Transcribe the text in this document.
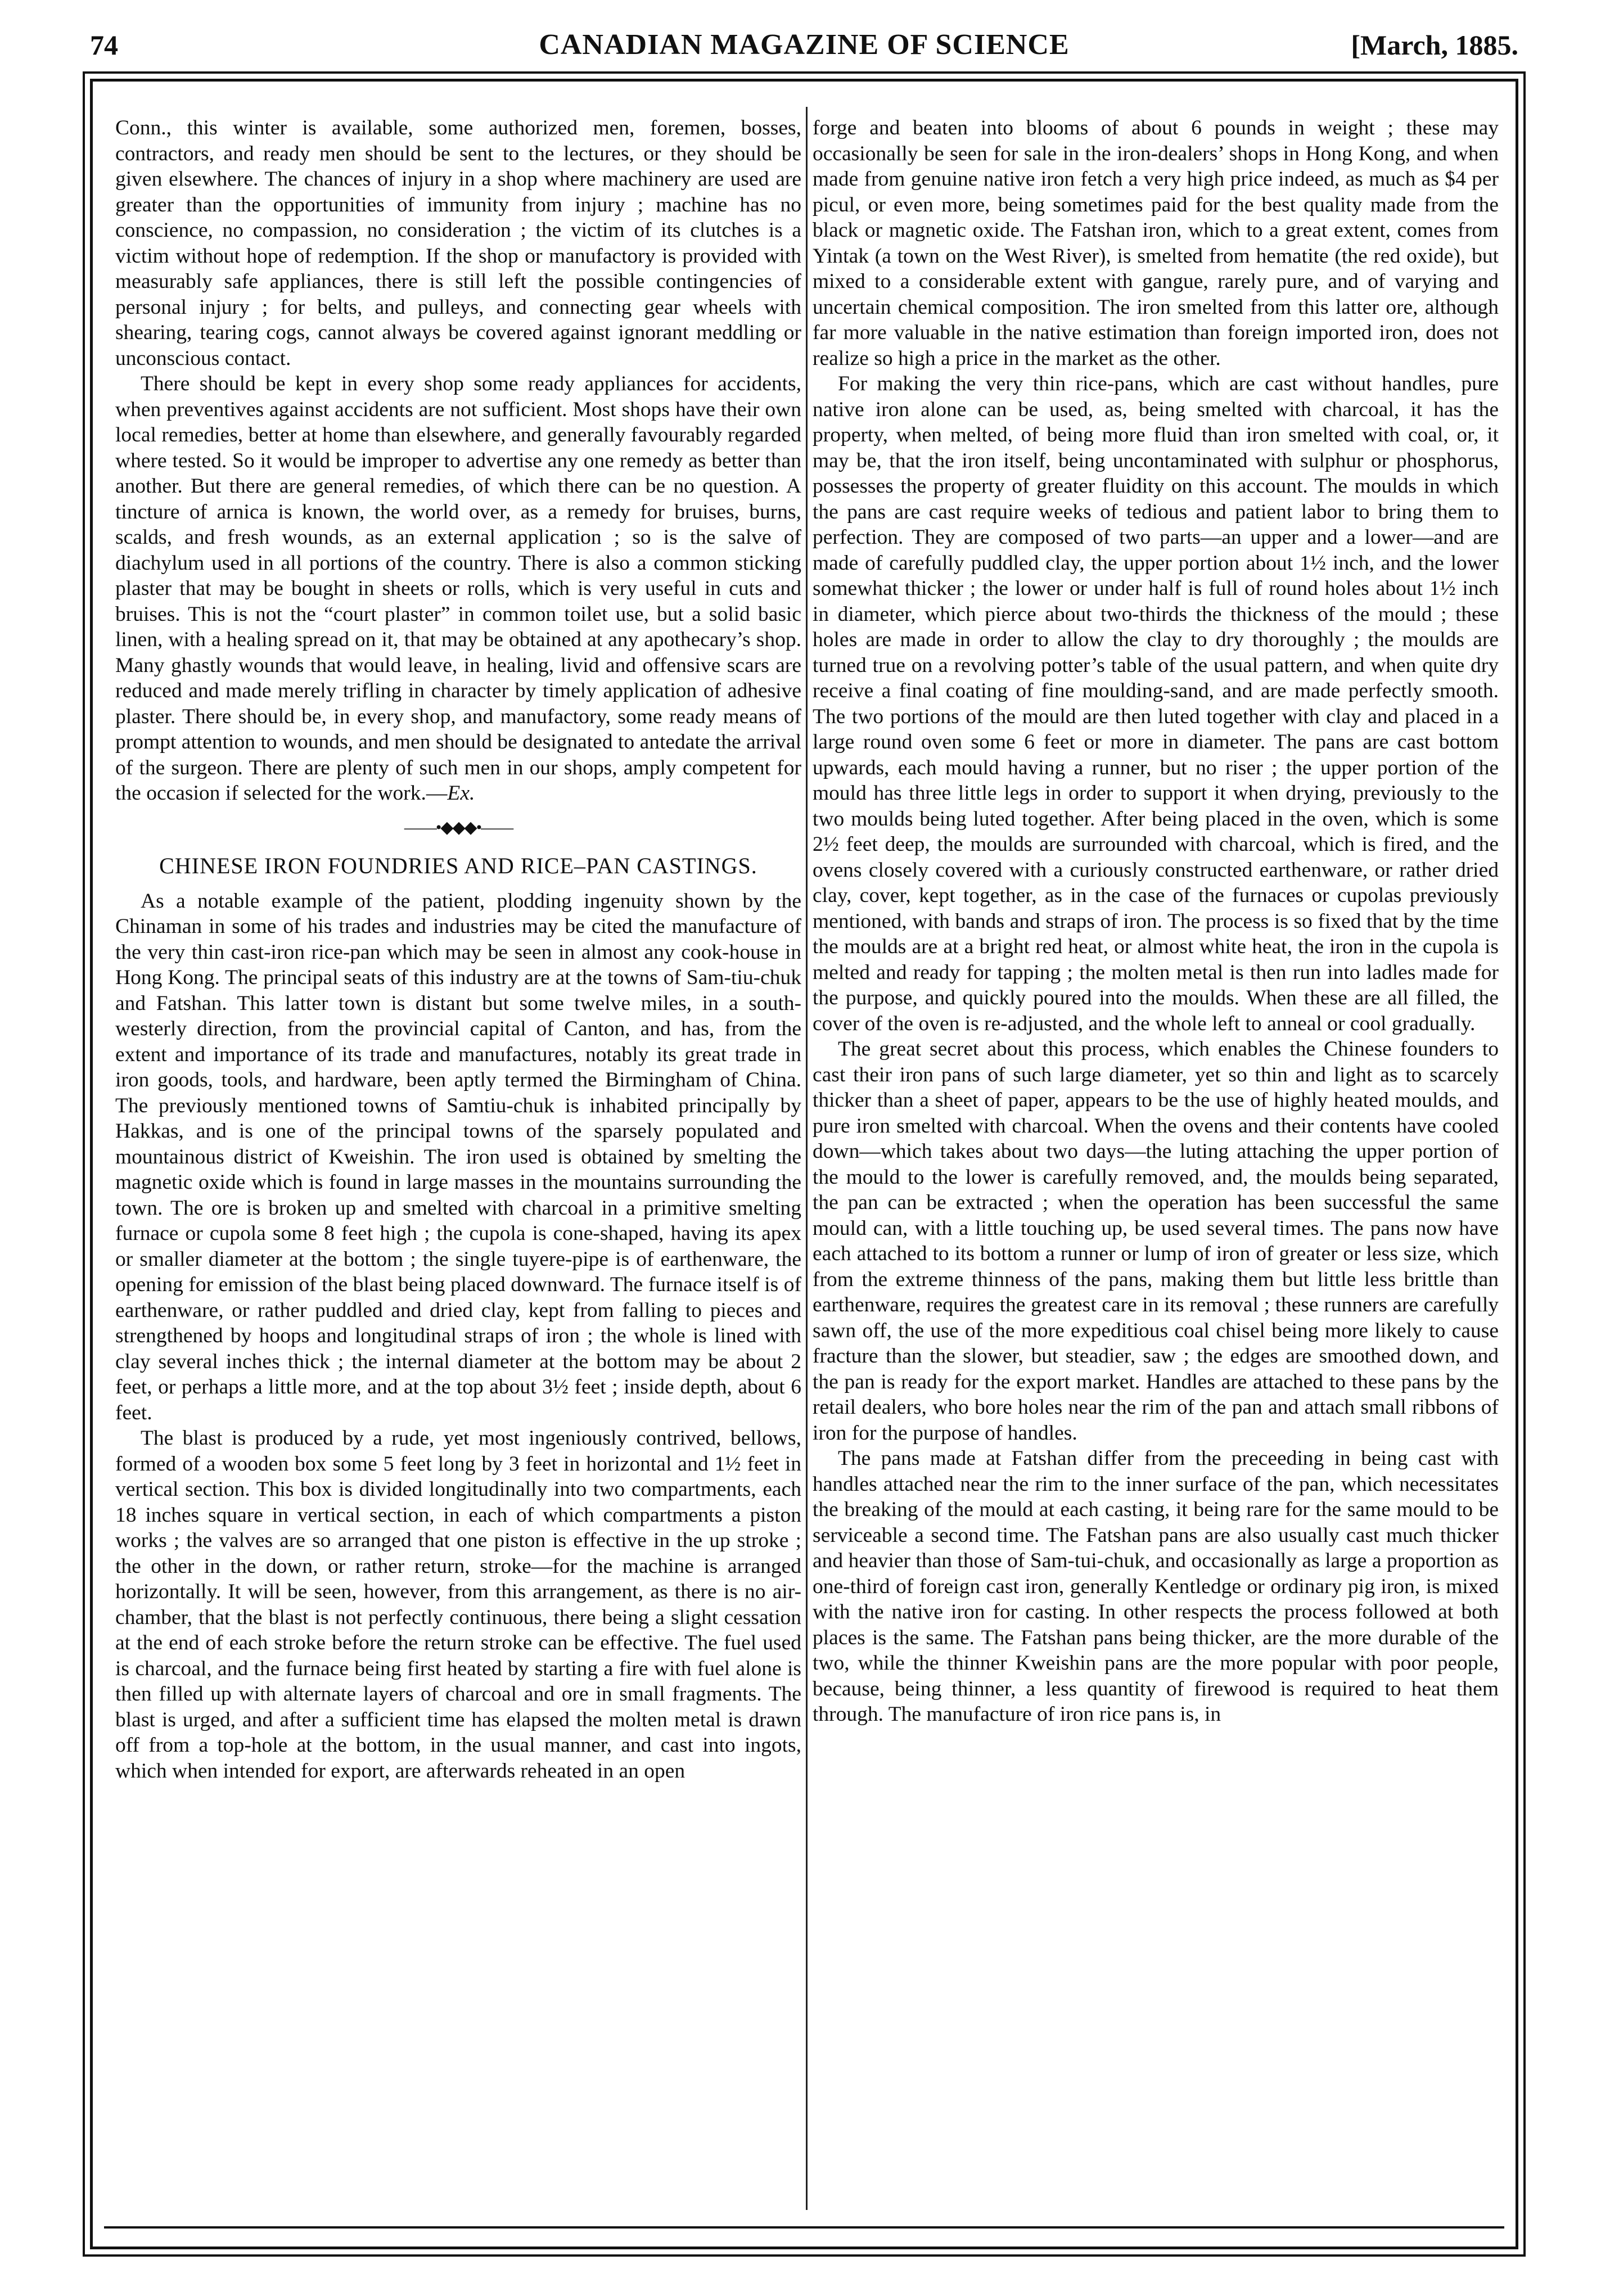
74	CANADIAN MAGAZINE OF SCIENCE	[March, 1885.

Conn., this winter is available, some authorized men, foremen, bosses, contractors, and ready men should be sent to the lectures, or they should be given elsewhere. The chances of injury in a shop where machinery are used are greater than the opportunities of immunity from injury ; machine has no conscience, no compassion, no consideration ; the victim of its clutches is a victim without hope of redemption. If the shop or manufactory is provided with measurably safe appliances, there is still left the possible contingencies of personal injury ; for belts, and pulleys, and connecting gear wheels with shearing, tearing cogs, cannot always be covered against ignorant meddling or unconscious contact.

There should be kept in every shop some ready appliances for accidents, when preventives against accidents are not sufficient. Most shops have their own local remedies, better at home than elsewhere, and generally favourably regarded where tested. So it would be improper to advertise any one remedy as better than another. But there are general remedies, of which there can be no question. A tincture of arnica is known, the world over, as a remedy for bruises, burns, scalds, and fresh wounds, as an external application ; so is the salve of diachylum used in all portions of the country. There is also a common sticking plaster that may be bought in sheets or rolls, which is very useful in cuts and bruises. This is not the “court plaster” in common toilet use, but a solid basic linen, with a healing spread on it, that may be obtained at any apothecary’s shop. Many ghastly wounds that would leave, in healing, livid and offensive scars are reduced and made merely trifling in character by timely application of adhesive plaster. There should be, in every shop, and manufactory, some ready means of prompt attention to wounds, and men should be designated to antedate the arrival of the surgeon. There are plenty of such men in our shops, amply competent for the occasion if selected for the work.—Ex.

——•◆◆◆•——
CHINESE IRON FOUNDRIES AND RICE–PAN CASTINGS.

As a notable example of the patient, plodding ingenuity shown by the Chinaman in some of his trades and industries may be cited the manufacture of the very thin cast-iron rice-pan which may be seen in almost any cook-house in Hong Kong. The principal seats of this industry are at the towns of Sam-tiu-chuk and Fatshan. This latter town is distant but some twelve miles, in a south-westerly direction, from the provincial capital of Canton, and has, from the extent and importance of its trade and manufactures, notably its great trade in iron goods, tools, and hardware, been aptly termed the Birmingham of China. The previously mentioned towns of Samtiu-chuk is inhabited principally by Hakkas, and is one of the principal towns of the sparsely populated and mountainous district of Kweishin. The iron used is obtained by smelting the magnetic oxide which is found in large masses in the mountains surrounding the town. The ore is broken up and smelted with charcoal in a primitive smelting furnace or cupola some 8 feet high ; the cupola is cone-shaped, having its apex or smaller diameter at the bottom ; the single tuyere-pipe is of earthenware, the opening for emission of the blast being placed downward. The furnace itself is of earthenware, or rather puddled and dried clay, kept from falling to pieces and strengthened by hoops and longitudinal straps of iron ; the whole is lined with clay several inches thick ; the internal diameter at the bottom may be about 2 feet, or perhaps a little more, and at the top about 3½ feet ; inside depth, about 6 feet.

The blast is produced by a rude, yet most ingeniously contrived, bellows, formed of a wooden box some 5 feet long by 3 feet in horizontal and 1½ feet in vertical section. This box is divided longitudinally into two compartments, each 18 inches square in vertical section, in each of which compartments a piston works ; the valves are so arranged that one piston is effective in the up stroke ; the other in the down, or rather return, stroke—for the machine is arranged horizontally. It will be seen, however, from this arrangement, as there is no air-chamber, that the blast is not perfectly continuous, there being a slight cessation at the end of each stroke before the return stroke can be effective. The fuel used is charcoal, and the furnace being first heated by starting a fire with fuel alone is then filled up with alternate layers of charcoal and ore in small fragments. The blast is urged, and after a sufficient time has elapsed the molten metal is drawn off from a top-hole at the bottom, in the usual manner, and cast into ingots, which when intended for export, are afterwards reheated in an open

forge and beaten into blooms of about 6 pounds in weight ; these may occasionally be seen for sale in the iron-dealers’ shops in Hong Kong, and when made from genuine native iron fetch a very high price indeed, as much as $4 per picul, or even more, being sometimes paid for the best quality made from the black or magnetic oxide. The Fatshan iron, which to a great extent, comes from Yintak (a town on the West River), is smelted from hematite (the red oxide), but mixed to a considerable extent with gangue, rarely pure, and of varying and uncertain chemical composition. The iron smelted from this latter ore, although far more valuable in the native estimation than foreign imported iron, does not realize so high a price in the market as the other.

For making the very thin rice-pans, which are cast without handles, pure native iron alone can be used, as, being smelted with charcoal, it has the property, when melted, of being more fluid than iron smelted with coal, or, it may be, that the iron itself, being uncontaminated with sulphur or phosphorus, possesses the property of greater fluidity on this account. The moulds in which the pans are cast require weeks of tedious and patient labor to bring them to perfection. They are composed of two parts—an upper and a lower—and are made of carefully puddled clay, the upper portion about 1½ inch, and the lower somewhat thicker ; the lower or under half is full of round holes about 1½ inch in diameter, which pierce about two-thirds the thickness of the mould ; these holes are made in order to allow the clay to dry thoroughly ; the moulds are turned true on a revolving potter’s table of the usual pattern, and when quite dry receive a final coating of fine moulding-sand, and are made perfectly smooth. The two portions of the mould are then luted together with clay and placed in a large round oven some 6 feet or more in diameter. The pans are cast bottom upwards, each mould having a runner, but no riser ; the upper portion of the mould has three little legs in order to support it when drying, previously to the two moulds being luted together. After being placed in the oven, which is some 2½ feet deep, the moulds are surrounded with charcoal, which is fired, and the ovens closely covered with a curiously constructed earthenware, or rather dried clay, cover, kept together, as in the case of the furnaces or cupolas previously mentioned, with bands and straps of iron. The process is so fixed that by the time the moulds are at a bright red heat, or almost white heat, the iron in the cupola is melted and ready for tapping ; the molten metal is then run into ladles made for the purpose, and quickly poured into the moulds. When these are all filled, the cover of the oven is re-adjusted, and the whole left to anneal or cool gradually.

The great secret about this process, which enables the Chinese founders to cast their iron pans of such large diameter, yet so thin and light as to scarcely thicker than a sheet of paper, appears to be the use of highly heated moulds, and pure iron smelted with charcoal. When the ovens and their contents have cooled down—which takes about two days—the luting attaching the upper portion of the mould to the lower is carefully removed, and, the moulds being separated, the pan can be extracted ; when the operation has been successful the same mould can, with a little touching up, be used several times. The pans now have each attached to its bottom a runner or lump of iron of greater or less size, which from the extreme thinness of the pans, making them but little less brittle than earthenware, requires the greatest care in its removal ; these runners are carefully sawn off, the use of the more expeditious coal chisel being more likely to cause fracture than the slower, but steadier, saw ; the edges are smoothed down, and the pan is ready for the export market. Handles are attached to these pans by the retail dealers, who bore holes near the rim of the pan and attach small ribbons of iron for the purpose of handles.

The pans made at Fatshan differ from the preceeding in being cast with handles attached near the rim to the inner surface of the pan, which necessitates the breaking of the mould at each casting, it being rare for the same mould to be serviceable a second time. The Fatshan pans are also usually cast much thicker and heavier than those of Sam-tui-chuk, and occasionally as large a proportion as one-third of foreign cast iron, generally Kentledge or ordinary pig iron, is mixed with the native iron for casting. In other respects the process followed at both places is the same. The Fatshan pans being thicker, are the more durable of the two, while the thinner Kweishin pans are the more popular with poor people, because, being thinner, a less quantity of firewood is required to heat them through. The manufacture of iron rice pans is, in
